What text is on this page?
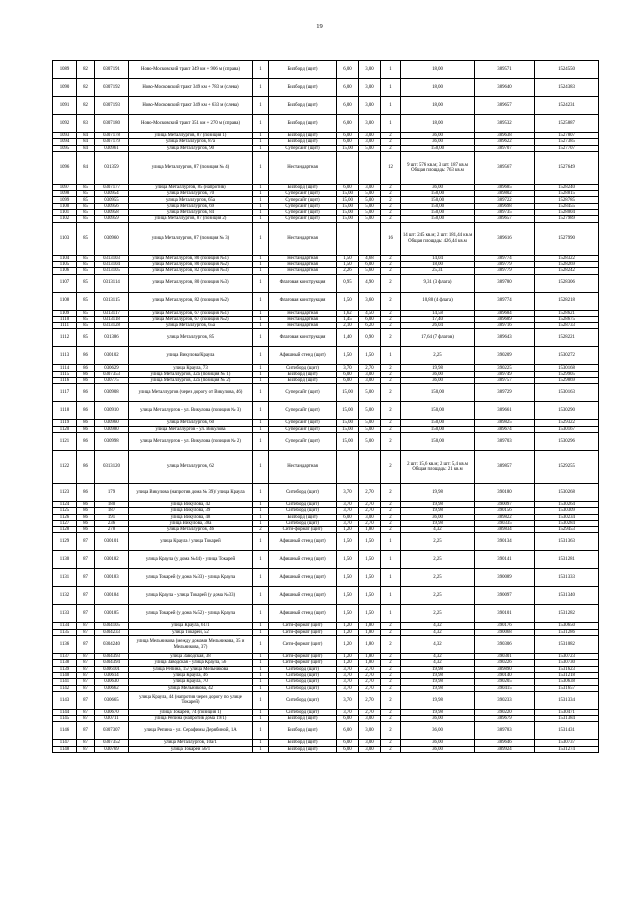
19
1089	82	0307191	Ново-Московский тракт 349 км + 906 м (справа)	1	Билборд (щит)	6,00	3,00	1	18,00	389571	1524550
1090	82	0307192	Ново-Московский тракт 349 км + 783 м (слева)	1	Билборд (щит)	6,00	3,00	1	18,00	389640	1524383
1091	82	0307193	Ново-Московский тракт 349 км + 633 м (слева)	1	Билборд (щит)	6,00	3,00	1	18,00	389657	1524231
1092	83	0307180	Ново-Московский тракт 351 км + 270 м (справа)	1	Билборд (щит)	6,00	3,00	1	18,00	389532	1525887
1093	84	0307178	улица Металлургов, 87 (позиция 1)	1	Билборд (щит)	6,00	3,00	2	36,00	389638	1527807
1094	84	0307179	улица Металлургов, 87а	1	Билборд (щит)	6,00	3,00	2	36,00	389622	1527385
1095	84	030961	улица Металлургов, 90	1	Суперсайт (щит)	15,00	5,00	2	150,00	389707	1527707
1096	84	031359	улица Металлургов, 87 (позиция № 4)	1	Нестандартная			12	9 шт: 576 кв.м; 3 шт: 187 кв.м Общая площадь: 763 кв.м	389567	1527649
1097	85	0307177	улица Металлургов, 85 (напротив)	1	Билборд (щит)	6,00	3,00	2	36,00	389685	1528240
1098	85	030954	улица Металлургов, 70	1	Суперсайт (щит)	15,00	5,00	2	150,00	389802	1528815
1099	85	030955	улица Металлургов, 65а	1	Суперсайт (щит)	15,00	5,00	2	150,00	389722	1528785
1100	85	030956	улица Металлургов, 69	1	Суперсайт (щит)	15,00	5,00	2	150,00	389698	1528455
1101	85	030958	улица Металлургов, 84	1	Суперсайт (щит)	15,00	5,00	2	150,00	389735	1528004
1102	85	030959	улица Металлургов, 87 (позиция 2)	1	Суперсайт (щит)	15,00	5,00	2	150,00	389657	1527989
1103	85	030960	улица Металлургов, 87 (позиция № 3)	1	Нестандартная			16	14 шт: 245 кв.м; 2 шт: 181,44 кв.м Общая площадь: 426,44 кв.м	389616	1527990
1104	85	0313103	улица Металлургов, 80 (позиция №1)	1	Нестандартная	1,50	4,68	2	14,04	389774	1528322
1105	85	0313104	улица Металлургов, 80 (позиция №2)	1	Нестандартная	1,50	6,00	2	18,00	389779	1528269
1106	85	0313105	улица Металлургов, 82 (позиция №3)	1	Нестандартная	2,26	5,60	2	25,31	389779	1528242
1107	85	0313114	улица Металлургов, 80 (позиция №3)	1	Флаговая конструкция	0,95	4,90	2	9,31 (3 флага)	389780	1528306
1108	85	0313115	улица Металлургов, 82 (позиция №2)	1	Флаговая конструкция	1,50	3,60	2	10,80 (4 флага)	389774	1528218
1109	85	0313117	улица Металлургов, 67 (позиция №1)	1	Нестандартная	1,62	4,50	2	14,58	389684	1528621
1110	85	0313118	улица Металлургов, 67 (позиция №2)	1	Нестандартная	1,45	6,00	2	17,40	389689	1528675
1111	85	0313128	улица Металлургов, 65а	1	Нестандартная	2,10	6,20	2	26,04	389716	1528733
1112	85	031386	улица Металлургов, 85	1	Флаговая конструкция	1,40	0,90	2	17,64 (7 флагов)	389643	1528221
1113	86	030102	улица Викулова/Краула	1	Афишный стенд (щит)	1,50	1,50	1	2,25	390209	1530272
1114	86	030629	улица Краула, 73	1	Ситиборд (щит)	3,70	2,70	2	19,98	390225	1530168
1115	86	0307353	улица Металлургов, 32а (позиция № 1)	1	Билборд (щит)	6,00	3,00	2	36,00	389749	1529905
1116	86	030775	улица Металлургов, 32а (позиция № 2)	1	Билборд (щит)	6,00	3,00	2	36,00	389757	1529869
1117	86	030908	улица Металлургов (через дорогу от Викулова, 46)	1	Суперсайт (щит)	15,00	5,00	2	150,00	389729	1530163
1118	86	030910	улица Металлургов - ул. Викулова (позиция № 3)	1	Суперсайт (щит)	15,00	5,00	2	150,00	389661	1530290
1119	86	030960	улица Металлургов, 60	1	Суперсайт (щит)	15,00	5,00	2	150,00	389825	1529322
1120	86	030980	улица Металлургов - ул. Викулова	1	Суперсайт (щит)	15,00	5,00	2	150,00	389674	1530167
1121	86	030998	улица Металлургов - ул. Викулова (позиция № 2)	1	Суперсайт (щит)	15,00	5,00	2	150,00	389703	1530296
1122	86	0313120	улица Металлургов, 62	1	Нестандартная			2	2 шт: 15,6 кв.м; 2 шт: 5,4 кв.м Общая площадь: 21 кв.м	389857	1529255
1123	86	179	улица Викулова (напротив дома № 39)/ улица Краула	1	Ситиборд (щит)	3,70	2,70	2	19,98	390180	1530268
1124	86	180	улица Викулова, 42	1	Ситиборд (щит)	3,70	2,70	2	19,98	390097	1530264
1125	86	187	улица Викулова, 39	1	Ситиборд (щит)	3,70	2,70	2	19,98	390156	1530309
1126	86	191	улица Викулова, 48	1	Билборд (щит)	6,00	3,00	2	36,00	389822	1530234
1127	86	236	улица Викулова, 38а	1	Ситиборд (щит)	3,70	2,70	2	19,98	390335	1530284
1128	86	278	улица Металлургов, 46	2	Сити-формат (щит)	1,20	1,80	2	4,32	389834	1529453
1129	87	030101	улица Краула / улица Токарей	1	Афишный стенд (щит)	1,50	1,50	1	2,25	390134	1531363
1130	87	030182	улица Краула (у дома №44) - улица Токарей	1	Афишный стенд (щит)	1,50	1,50	1	2,25	390141	1531281
1131	87	030183	улица Токарей (у дома №33) - улица Краула	1	Афишный стенд (щит)	1,50	1,50	1	2,25	390089	1531333
1132	87	030184	улица Краула - улица Токарей (у дома №33)	1	Афишный стенд (щит)	1,50	1,50	1	2,25	390097	1531340
1133	87	030185	улица Токарей (у дома №52) - улица Краула	1	Афишный стенд (щит)	1,50	1,50	1	2,25	390101	1531282
1134	87	0304105	улица Краула, 61/1	1	Сити-формат (щит)	1,20	1,80	2	4,32	390176	1530650
1135	87	0304233	улица Токарей, 52	1	Сити-формат (щит)	1,20	1,80	2	4,32	390068	1531286
1136	87	0304240	улица Мельникова (между домами Мельникова, 35 и Мельникова, 37)	1	Сити-формат (щит)	1,20	1,80	2	4,32	390306	1531082
1137	87	0304393	улица Заводская, 38	1	Сити-формат (щит)	1,20	1,80	2	4,32	390301	1530723
1138	87	0304394	улица Заводская - улица Краула, 56	1	Сити-формат (щит)	1,20	1,80	2	4,32	390226	1530730
1139	87	0306101	улица Репина, 15/ улица Мельникова	1	Ситиборд (щит)	3,70	2,70	2	19,98	389890	1531623
1140	87	030614	улица Краула, 46	1	Ситиборд (щит)	3,70	2,70	2	19,98	390140	1531218
1141	87	030630	улица Краула, 70	1	Ситиборд (щит)	3,70	2,70	2	19,98	390205	1530638
1142	87	030662	улица Мельникова, 42	1	Ситиборд (щит)	3,70	2,70	2	19,98	390415	1531657
1143	87	030665	улица Краула, 44 (напротив через дорогу по улице Токарей)	1	Ситиборд (щит)	3,70	2,70	2	19,98	390233	1531334
1144	87	030670	улица Токарей, 74 (позиция 1)	1	Ситиборд (щит)	3,70	2,70	2	19,98	390220	1530471
1145	87	030711	улица Репина (напротив дома 19/1)	1	Билборд (щит)	6,00	3,00	2	36,00	389679	1531384
1146	87	0307307	улица Репина - ул. Серафимы Дерябиной, 1А	1	Билборд (щит)	6,00	3,00	2	36,00	389783	1531431
1147	87	0307352	улица Металлургов, 10а/1	1	Билборд (щит)	6,00	3,00	2	36,00	389646	1530737
1148	87	030769	улица Токарей 56/1	1	Билборд (щит)	6,00	3,00	2	36,00	389924	1531274
